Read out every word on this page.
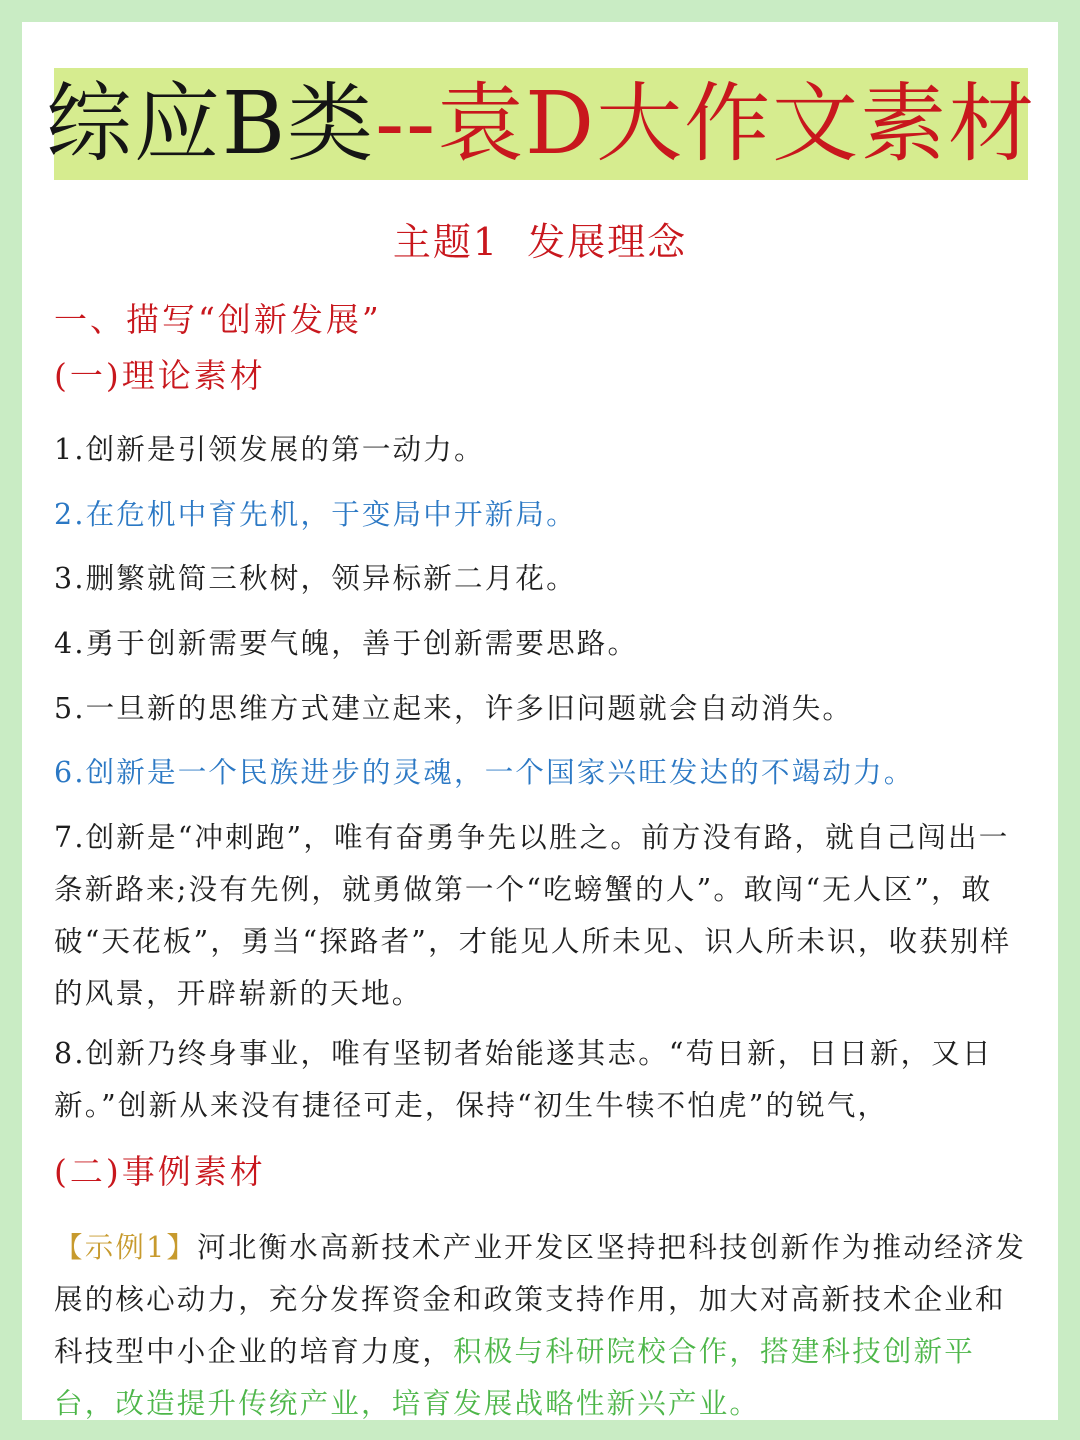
综应B类 --袁D大作文素材
主题1  发展理念
一、描写“创新发展”
(一)理论素材
1.创新是引领发展的第一动力。
2.在危机中育先机，于变局中开新局。
3.删繁就简三秋树，领异标新二月花。
4.勇于创新需要气魄，善于创新需要思路。
5.一旦新的思维方式建立起来，许多旧问题就会自动消失。
6.创新是一个民族进步的灵魂，一个国家兴旺发达的不竭动力。
7.创新是“冲刺跑”，唯有奋勇争先以胜之。前方没有路，就自己闯出一条新路来;没有先例，就勇做第一个“吃螃蟹的人”。敢闯“无人区”，敢破“天花板”，勇当“探路者”，才能见人所未见、识人所未识，收获别样的风景，开辟崭新的天地。
8.创新乃终身事业，唯有坚韧者始能遂其志。“苟日新，日日新，又日新。”创新从来没有捷径可走，保持“初生牛犊不怕虎”的锐气，
(二)事例素材
【示例1】河北衡水高新技术产业开发区坚持把科技创新作为推动经济发展的核心动力，充分发挥资金和政策支持作用，加大对高新技术企业和科技型中小企业的培育力度，积极与科研院校合作，搭建科技创新平台，改造提升传统产业，培育发展战略性新兴产业。
